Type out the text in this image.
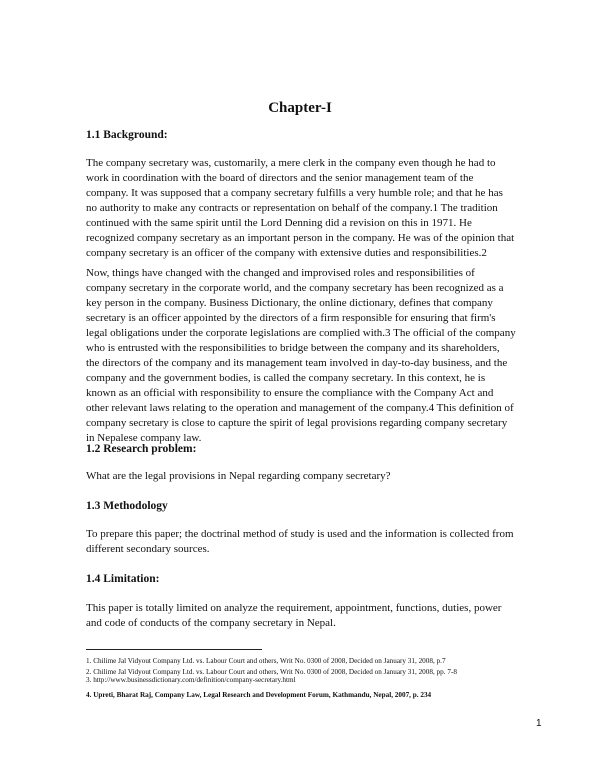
Chapter-I
1.1 Background:
The company secretary was, customarily, a mere clerk in the company even though he had to
work in coordination with the board of directors and the senior management team of the
company. It was supposed that a company secretary fulfills a very humble role; and that he has
no authority to make any contracts or representation on behalf of the company.1 The tradition
continued with the same spirit until the Lord Denning did a revision on this in 1971. He
recognized company secretary as an important person in the company. He was of the opinion that
company secretary is an officer of the company with extensive duties and responsibilities.2
Now, things have changed with the changed and improvised roles and responsibilities of
company secretary in the corporate world, and the company secretary has been recognized as a
key person in the company. Business Dictionary, the online dictionary, defines that company
secretary is an officer appointed by the directors of a firm responsible for ensuring that firm's
legal obligations under the corporate legislations are complied with.3 The official of the company
who is entrusted with the responsibilities to bridge between the company and its shareholders,
the directors of the company and its management team involved in day-to-day business, and the
company and the government bodies, is called the company secretary. In this context, he is
known as an official with responsibility to ensure the compliance with the Company Act and
other relevant laws relating to the operation and management of the company.4 This definition of
company secretary is close to capture the spirit of legal provisions regarding company secretary
in Nepalese company law.
1.2 Research problem:
What are the legal provisions in Nepal regarding company secretary?
1.3 Methodology
To prepare this paper; the doctrinal method of study is used and the information is collected from
different secondary sources.
1.4 Limitation:
This paper is totally limited on analyze the requirement, appointment, functions, duties, power
and code of conducts of the company secretary in Nepal.
1. Chilime Jal Vidyout Company Ltd. vs. Labour Court and others, Writ No. 0300 of 2008, Decided on January 31, 2008, p.7
2. Chilime Jal Vidyout Company Ltd. vs. Labour Court and others, Writ No. 0300 of 2008, Decided on January 31, 2008, pp. 7-8
3. http://www.businessdictionary.com/definition/company-secretary.html
4. Upreti, Bharat Raj, Company Law, Legal Research and Development Forum, Kathmandu, Nepal, 2007, p. 234
1
